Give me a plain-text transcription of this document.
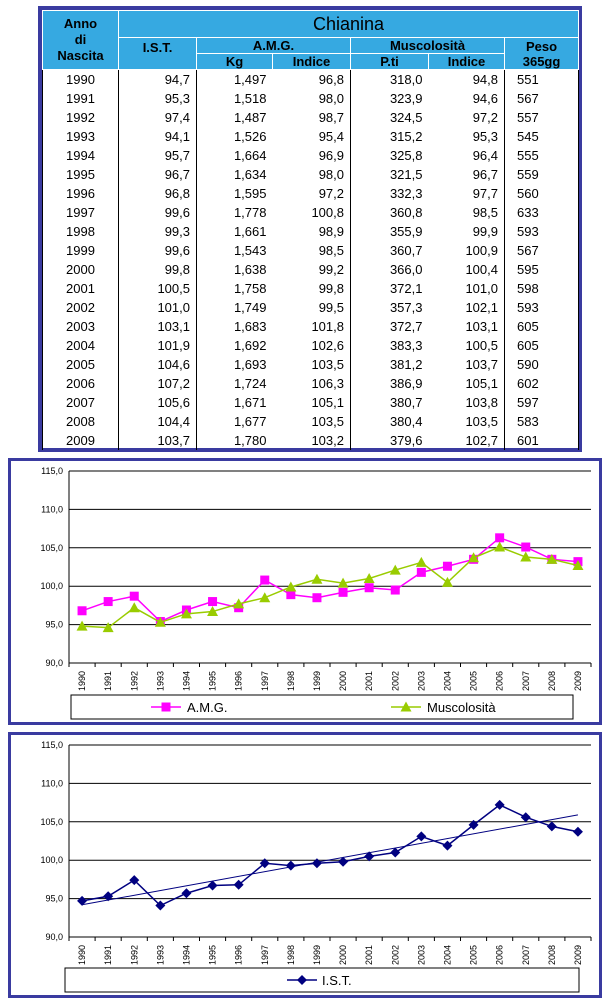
Anno
di
Nascita	Chianina					
	I.S.T.	A.M.G.		Muscolosità		Peso
365gg
		Kg	Indice	P.ti	Indice	
1990	94,7	1,497	96,8	318,0	94,8	551
1991	95,3	1,518	98,0	323,9	94,6	567
1992	97,4	1,487	98,7	324,5	97,2	557
1993	94,1	1,526	95,4	315,2	95,3	545
1994	95,7	1,664	96,9	325,8	96,4	555
1995	96,7	1,634	98,0	321,5	96,7	559
1996	96,8	1,595	97,2	332,3	97,7	560
1997	99,6	1,778	100,8	360,8	98,5	633
1998	99,3	1,661	98,9	355,9	99,9	593
1999	99,6	1,543	98,5	360,7	100,9	567
2000	99,8	1,638	99,2	366,0	100,4	595
2001	100,5	1,758	99,8	372,1	101,0	598
2002	101,0	1,749	99,5	357,3	102,1	593
2003	103,1	1,683	101,8	372,7	103,1	605
2004	101,9	1,692	102,6	383,3	100,5	605
2005	104,6	1,693	103,5	381,2	103,7	590
2006	107,2	1,724	106,3	386,9	105,1	602
2007	105,6	1,671	105,1	380,7	103,8	597
2008	104,4	1,677	103,5	380,4	103,5	583
2009	103,7	1,780	103,2	379,6	102,7	601
90,0
95,0
100,0
105,0
110,0
115,0
1990 1991 1992 1993 1994 1995 1996 1997 1998 1999 2000 2001 2002 2003 2004 2005 2006 2007 2008 2009
A.M.G.	Muscolosità
90,0
95,0
100,0
105,0
110,0
115,0
1990 1991 1992 1993 1994 1995 1996 1997 1998 1999 2000 2001 2002 2003 2004 2005 2006 2007 2008 2009
I.S.T.
